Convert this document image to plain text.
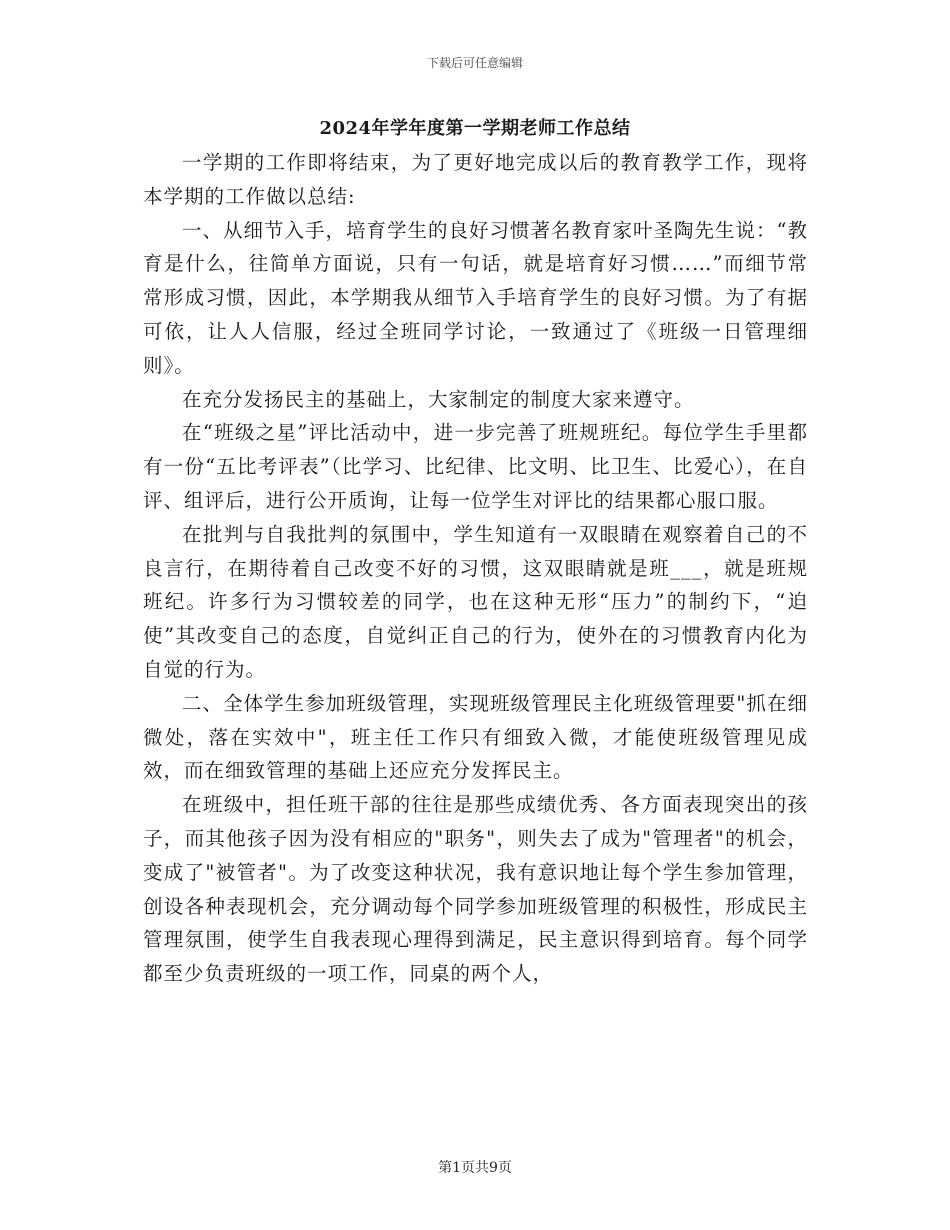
下载后可任意编辑
2024年学年度第一学期老师工作总结

一学期的工作即将结束，为了更好地完成以后的教育教学工作，现将本学期的工作做以总结:

一、从细节入手，培育学生的良好习惯著名教育家叶圣陶先生说：“教育是什么，往简单方面说，只有一句话，就是培育好习惯……”而细节常常形成习惯，因此，本学期我从细节入手培育学生的良好习惯。为了有据可依，让人人信服，经过全班同学讨论，一致通过了《班级一日管理细则》。

在充分发扬民主的基础上，大家制定的制度大家来遵守。

在“班级之星”评比活动中，进一步完善了班规班纪。每位学生手里都有一份“五比考评表”（比学习、比纪律、比文明、比卫生、比爱心），在自评、组评后，进行公开质询，让每一位学生对评比的结果都心服口服。

在批判与自我批判的氛围中，学生知道有一双眼睛在观察着自己的不良言行，在期待着自己改变不好的习惯，这双眼睛就是班___，就是班规班纪。许多行为习惯较差的同学，也在这种无形“压力”的制约下，“迫使”其改变自己的态度，自觉纠正自己的行为，使外在的习惯教育内化为自觉的行为。

二、全体学生参加班级管理，实现班级管理民主化班级管理要"抓在细微处，落在实效中"，班主任工作只有细致入微，才能使班级管理见成效，而在细致管理的基础上还应充分发挥民主。

在班级中，担任班干部的往往是那些成绩优秀、各方面表现突出的孩子，而其他孩子因为没有相应的"职务"，则失去了成为"管理者"的机会，变成了"被管者"。为了改变这种状况，我有意识地让每个学生参加管理，创设各种表现机会，充分调动每个同学参加班级管理的积极性，形成民主管理氛围，使学生自我表现心理得到满足，民主意识得到培育。每个同学都至少负责班级的一项工作，同桌的两个人，

第1页共9页
